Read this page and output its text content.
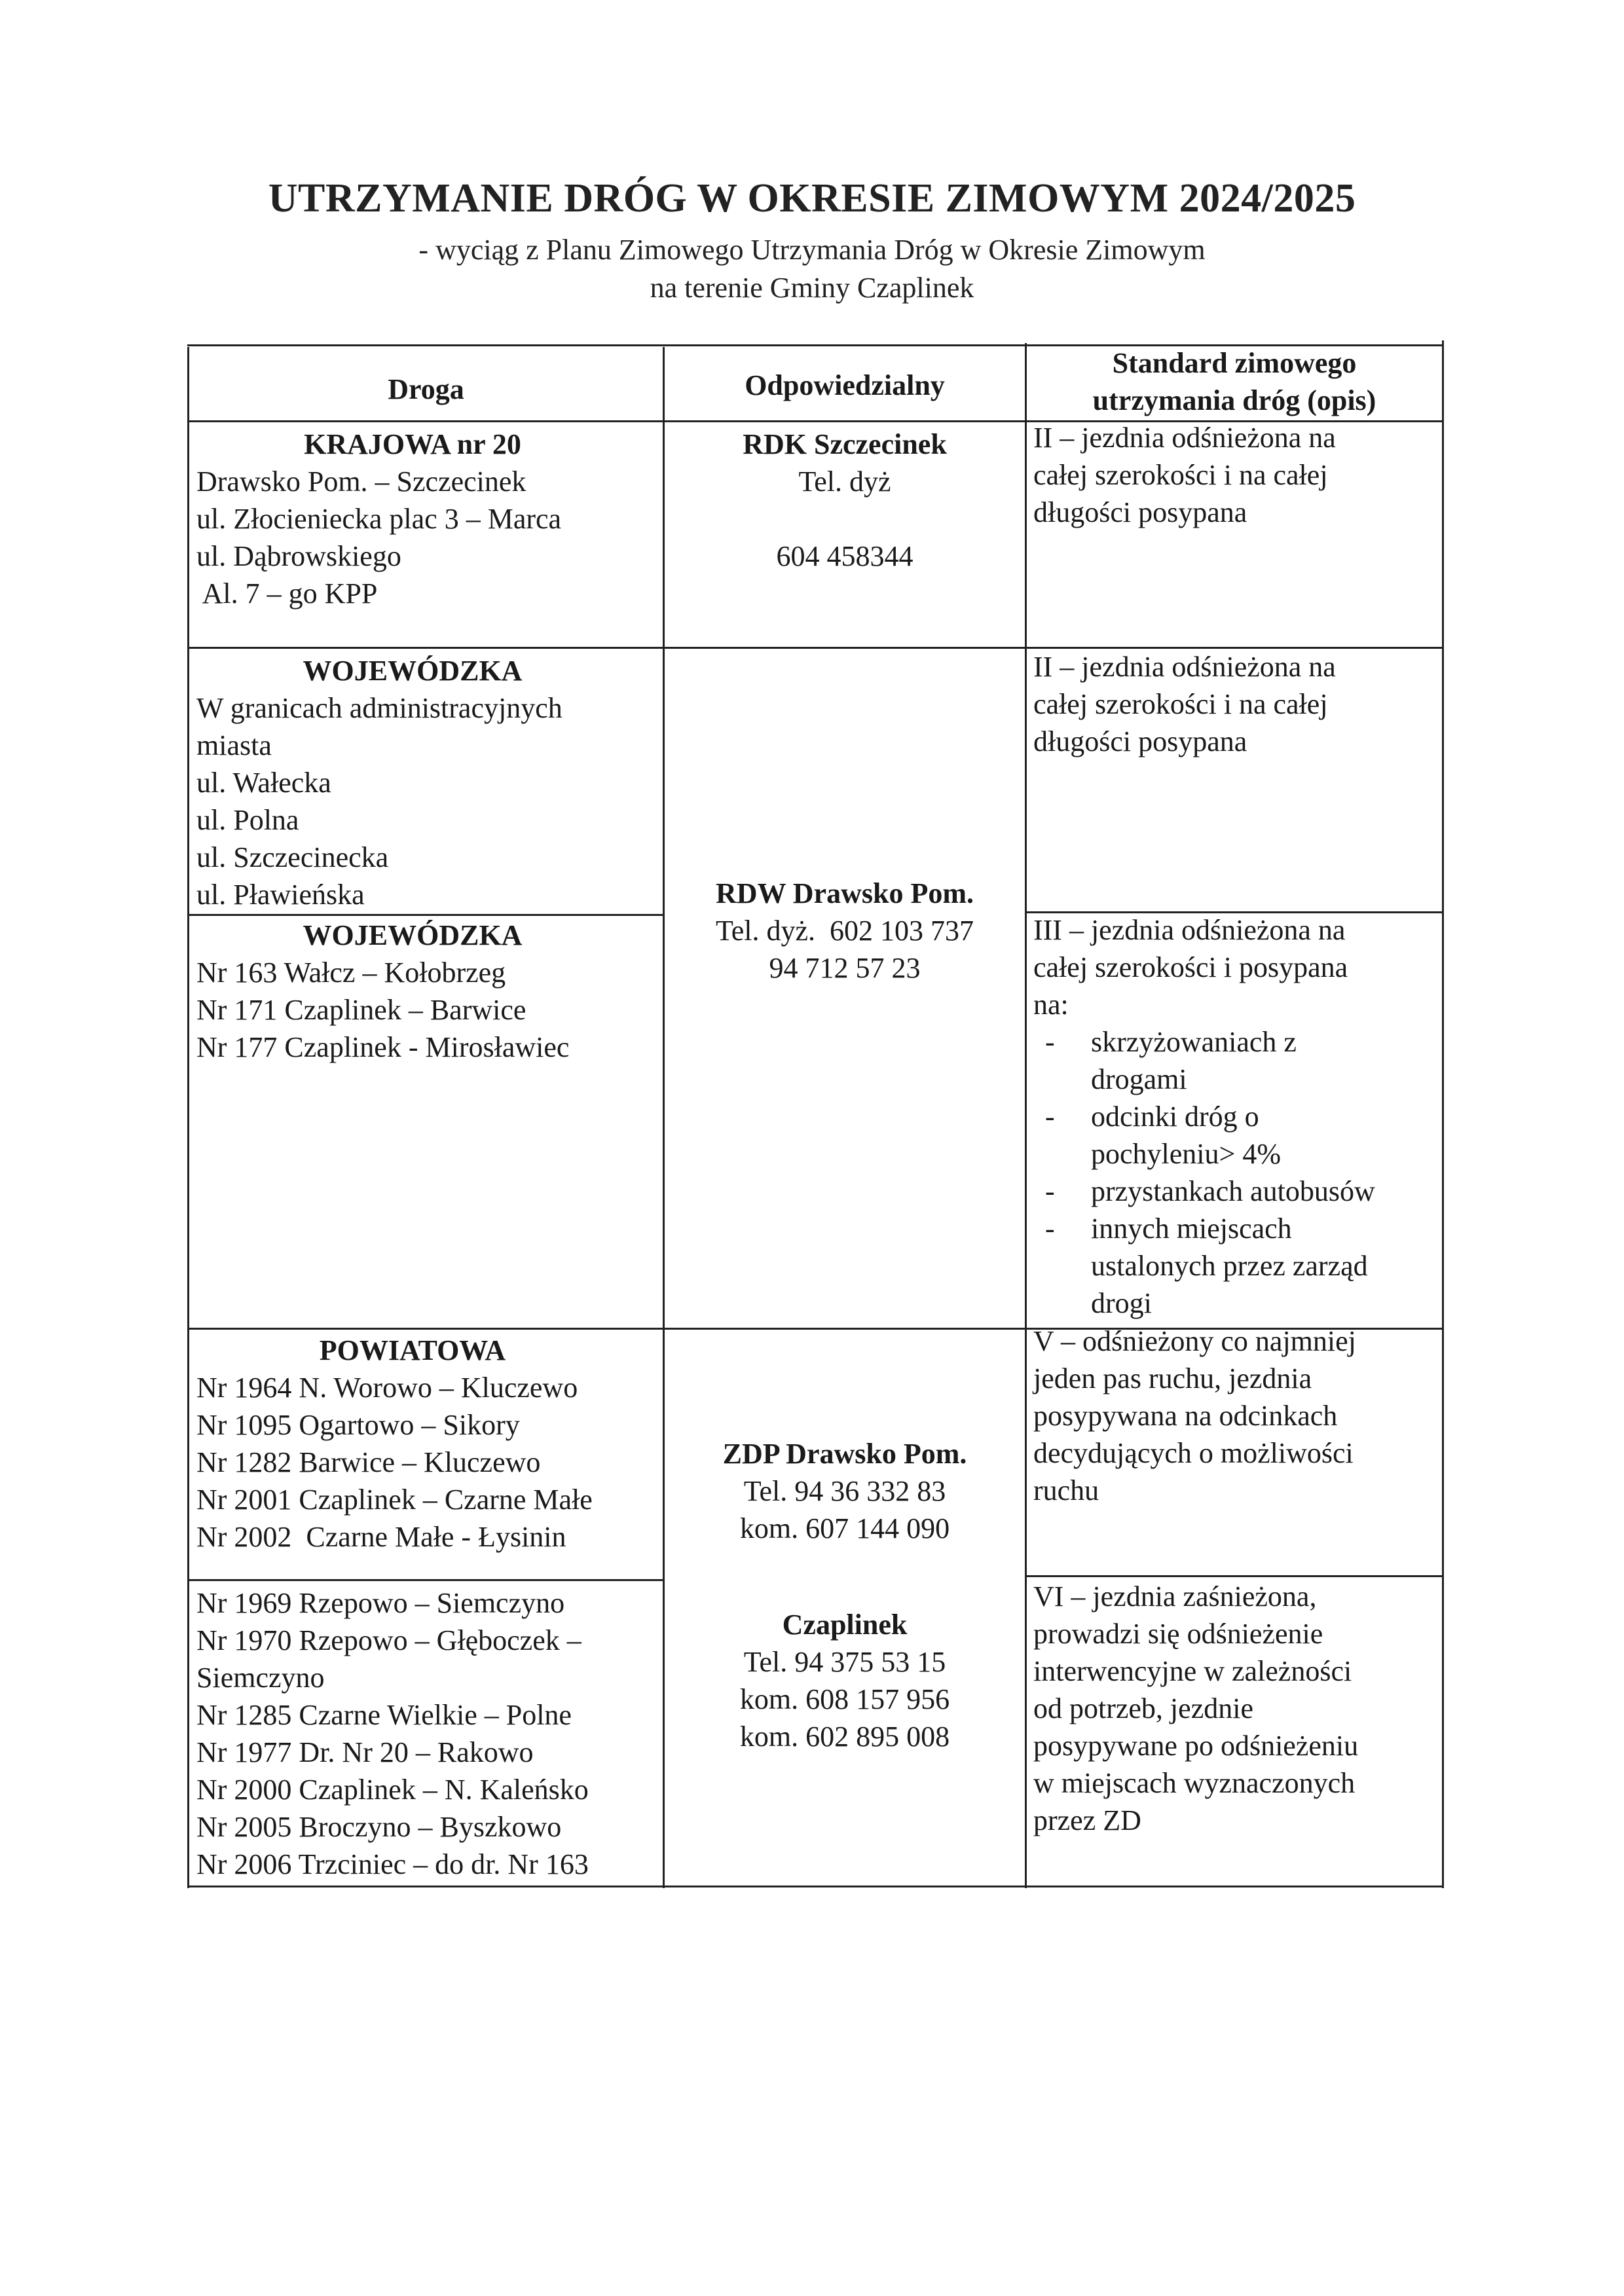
UTRZYMANIE DRÓG W OKRESIE ZIMOWYM 2024/2025
- wyciąg z Planu Zimowego Utrzymania Dróg w Okresie Zimowym
na terenie Gminy Czaplinek
Droga	Odpowiedzialny
Standard zimowego
utrzymania dróg (opis)
KRAJOWA nr 20
Drawsko Pom. – Szczecinek
ul. Złocieniecka plac 3 – Marca
ul. Dąbrowskiego
Al. 7 – go KPP
RDK Szczecinek
Tel. dyż
604 458344
II – jezdnia odśnieżona na
całej szerokości i na całej
długości posypana
WOJEWÓDZKA
W granicach administracyjnych
miasta
ul. Wałecka
ul. Polna
ul. Szczecinecka
ul. Pławieńska
II – jezdnia odśnieżona na
całej szerokości i na całej
długości posypana
RDW Drawsko Pom.
Tel. dyż.  602 103 737
94 712 57 23
WOJEWÓDZKA
Nr 163 Wałcz – Kołobrzeg
Nr 171 Czaplinek – Barwice
Nr 177 Czaplinek - Mirosławiec
III – jezdnia odśnieżona na
całej szerokości i posypana
na:
- skrzyżowaniach z
drogami
- odcinki dróg o
pochyleniu> 4%
- przystankach autobusów
- innych miejscach
ustalonych przez zarząd
drogi
POWIATOWA
Nr 1964 N. Worowo – Kluczewo
Nr 1095 Ogartowo – Sikory
Nr 1282 Barwice – Kluczewo
Nr 2001 Czaplinek – Czarne Małe
Nr 2002  Czarne Małe - Łysinin
V – odśnieżony co najmniej
jeden pas ruchu, jezdnia
posypywana na odcinkach
decydujących o możliwości
ruchu
ZDP Drawsko Pom.
Tel. 94 36 332 83
kom. 607 144 090
Czaplinek
Tel. 94 375 53 15
kom. 608 157 956
kom. 602 895 008
Nr 1969 Rzepowo – Siemczyno
Nr 1970 Rzepowo – Głęboczek –
Siemczyno
Nr 1285 Czarne Wielkie – Polne
Nr 1977 Dr. Nr 20 – Rakowo
Nr 2000 Czaplinek – N. Kaleńsko
Nr 2005 Broczyno – Byszkowo
Nr 2006 Trzciniec – do dr. Nr 163
VI – jezdnia zaśnieżona,
prowadzi się odśnieżenie
interwencyjne w zależności
od potrzeb, jezdnie
posypywane po odśnieżeniu
w miejscach wyznaczonych
przez ZD
